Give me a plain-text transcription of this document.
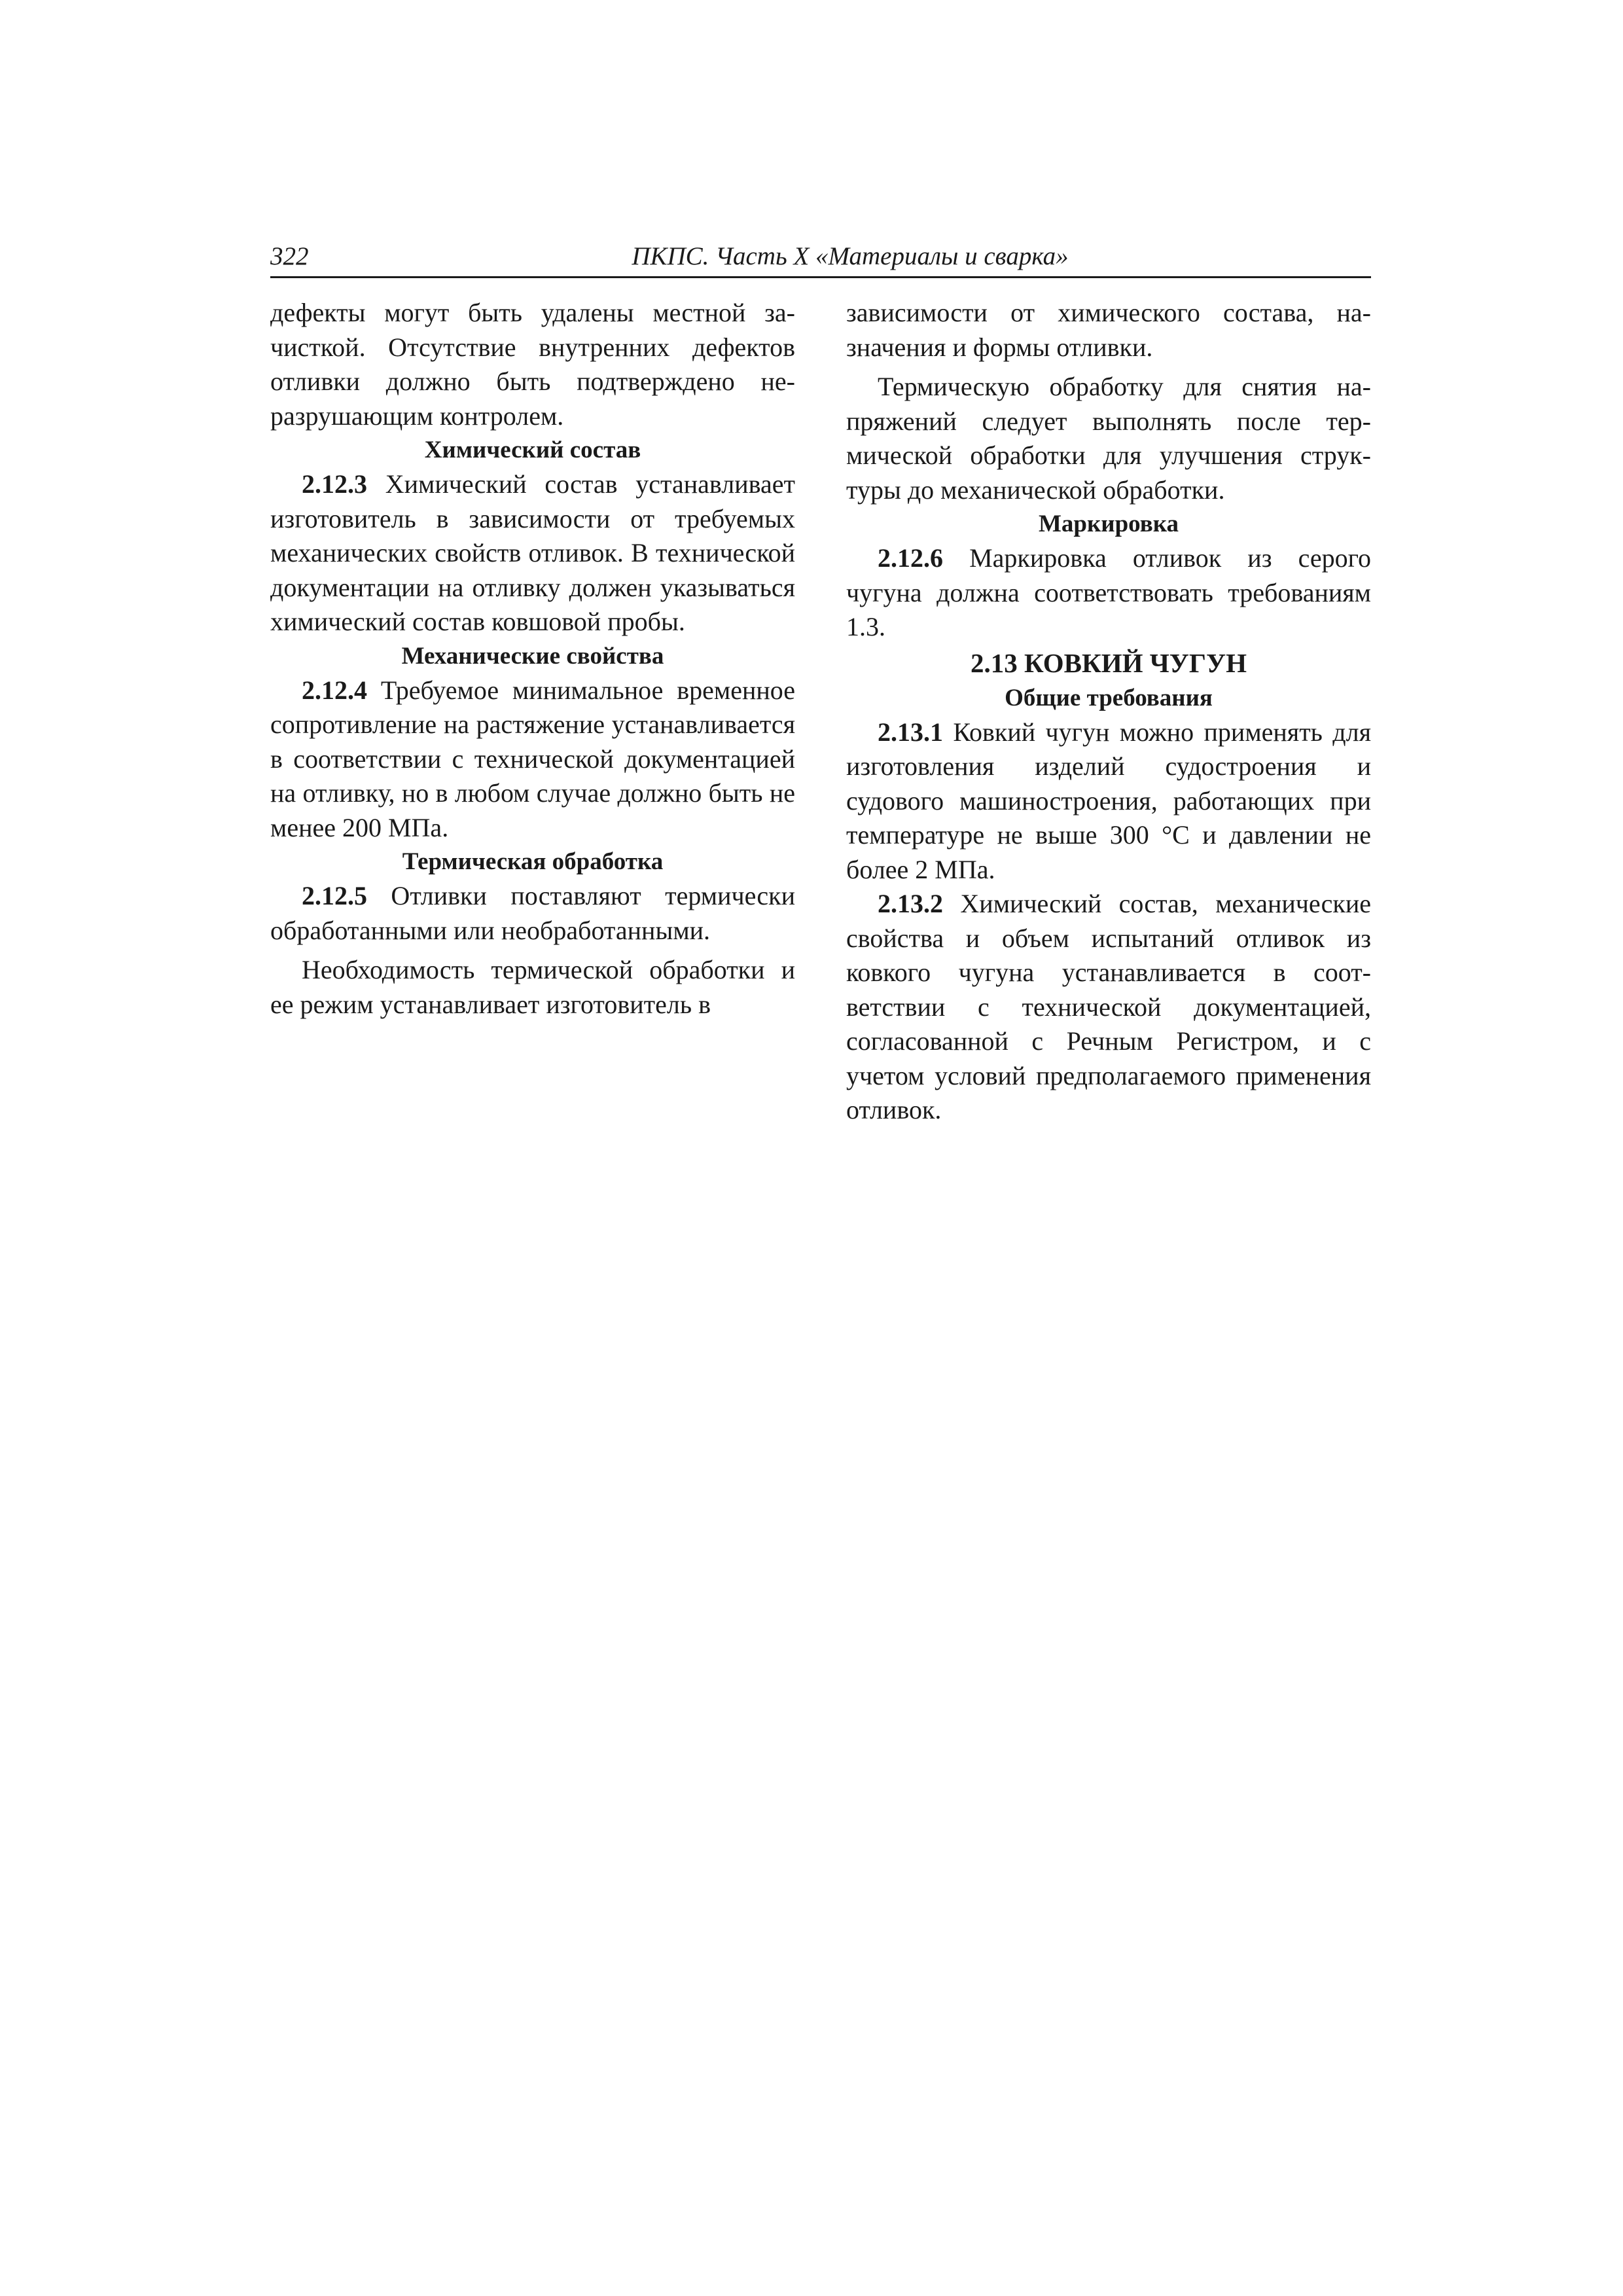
322	ПКПС. Часть X «Материалы и сварка»

дефекты могут быть удалены местной зачисткой. Отсутствие внутренних дефектов отливки должно быть подтверждено неразрушающим контролем.

Химический состав

2.12.3 Химический состав устанавливает изготовитель в зависимости от требуемых механических свойств отливок. В технической документации на отливку должен указываться химический состав ковшовой пробы.

Механические свойства

2.12.4 Требуемое минимальное временное сопротивление на растяжение устанавливается в соответствии с технической документацией на отливку, но в любом случае должно быть не менее 200 МПа.

Термическая обработка

2.12.5 Отливки поставляют термически обработанными или необработанными.

Необходимость термической обработки и ее режим устанавливает изготовитель в

зависимости от химического состава, назначения и формы отливки.

Термическую обработку для снятия напряжений следует выполнять после термической обработки для улучшения структуры до механической обработки.

Маркировка

2.12.6 Маркировка отливок из серого чугуна должна соответствовать требованиям 1.3.

2.13 КОВКИЙ ЧУГУН
Общие требования

2.13.1 Ковкий чугун можно применять для изготовления изделий судостроения и судового машиностроения, работающих при температуре не выше 300 °С и давлении не более 2 МПа.

2.13.2 Химический состав, механические свойства и объем испытаний отливок из ковкого чугуна устанавливается в соответствии с технической документацией, согласованной с Речным Регистром, и с учетом условий предполагаемого применения отливок.
